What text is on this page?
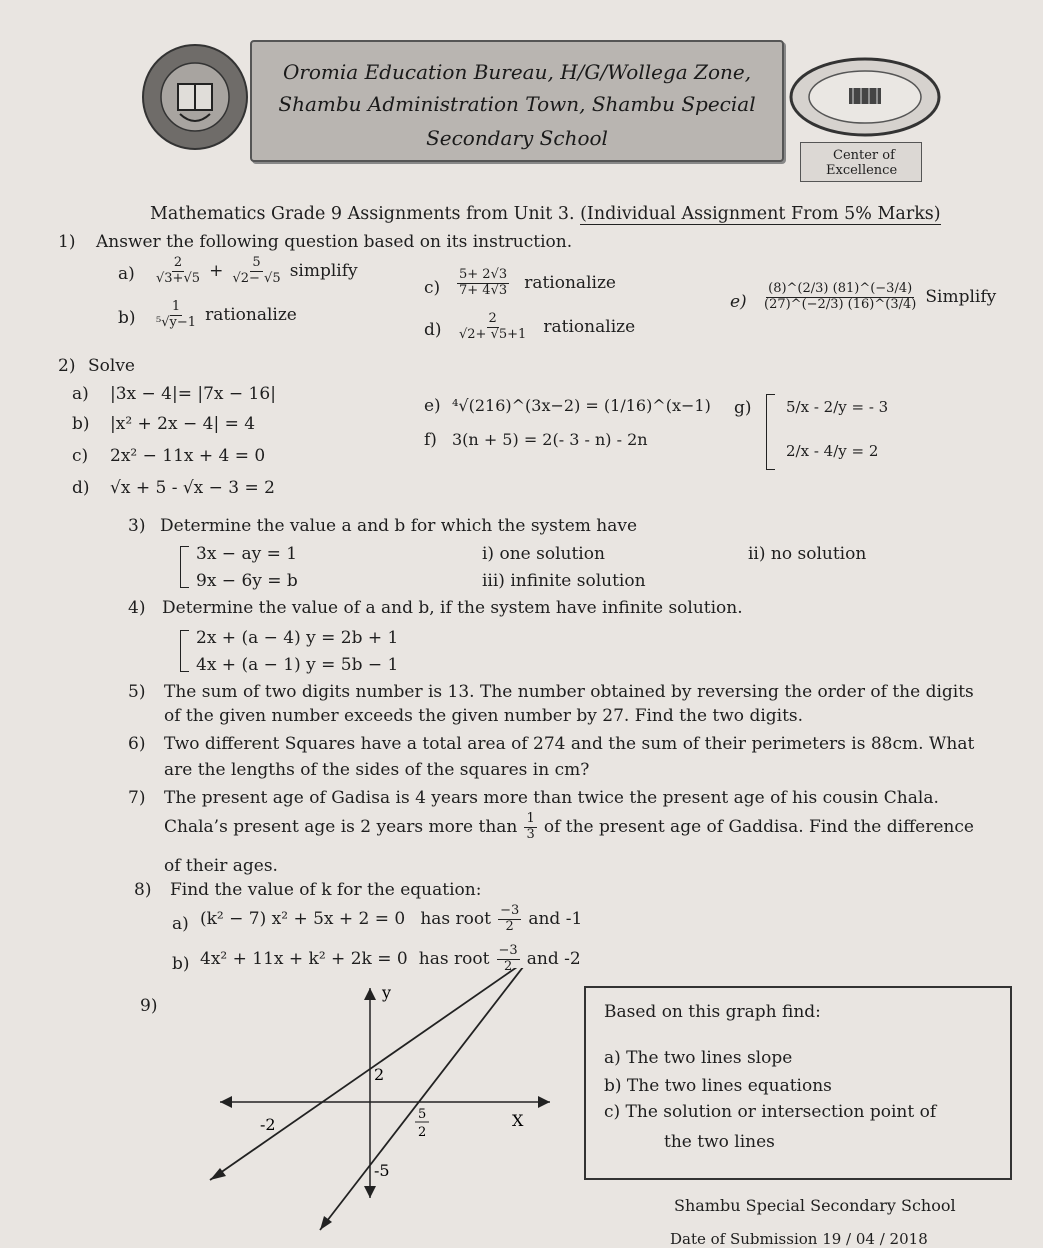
Oromia Education Bureau, H/G/Wollega Zone,
Shambu Administration Town, Shambu Special
Secondary School
Center of
Excellence
Mathematics Grade 9 Assignments from Unit 3. (Individual Assignment From 5% Marks)
1) Answer the following question based on its instruction.
$a) \frac{2}{√3+√5} + \frac{5}{√2- √5}$ simplify
$b) \frac{1}{\text{⁵√y−1}}$ rationalize
$c) \frac{5+ 2√3}{7+ 4√3}$ rationalize
$d) \frac{2}{√2+ √5+1}$ rationalize
$e) \frac{(8)\^{}(2/3) (81)\^{}(-3/4)}{(27)\^{}(-2/3) (16)\^{}(3/4)}$ Simplify
2) Solve
a) |3x − 4|= |7x − 16|
b) |x² + 2x − 4| = 4
c) 2x² − 11x + 4 = 0
d) √x + 5 - √x − 3 = 2
e) ⁴√(216)^(3x−2) = (1/16)^(x−1)
f) 3(n + 5) = 2(- 3 - n) - 2n
g) 5/x - 2/y = - 3
2/x - 4/y = 2
3) Determine the value a and b for which the system have
3x − ay = 1
9x − 6y = b
i) one solution	ii) no solution
iii) infinite solution
4) Determine the value of a and b, if the system have infinite solution.
2x + (a − 4) y = 2b + 1
4x + (a − 1) y = 5b − 1
5) The sum of two digits number is 13. The number obtained by reversing the order of the digits
of the given number exceeds the given number by 27. Find the two digits.
6) Two different Squares have a total area of 274 and the sum of their perimeters is 88cm. What
are the lengths of the sides of the squares in cm?
7) The present age of Gadisa is 4 years more than twice the present age of his cousin Chala.
Chala’s present age is 2 years more than $\frac{1}{3}$ of the present age of Gaddisa. Find the difference
of their ages.
8) Find the value of k for the equation:
a) (k² − 7) x² + 5x + 2 = 0 has root $\frac{-3}{2}$ and -1
b) 4x² + 11x + k² + 2k = 0 has root $\frac{-3}{2}$ and -2
9)
y
X
2
-2
5
2
-5
Based on this graph find:
a) The two lines slope
b) The two lines equations
c) The solution or intersection point of
the two lines
Shambu Special Secondary School
Date of Submission 19 / 04 / 2018
